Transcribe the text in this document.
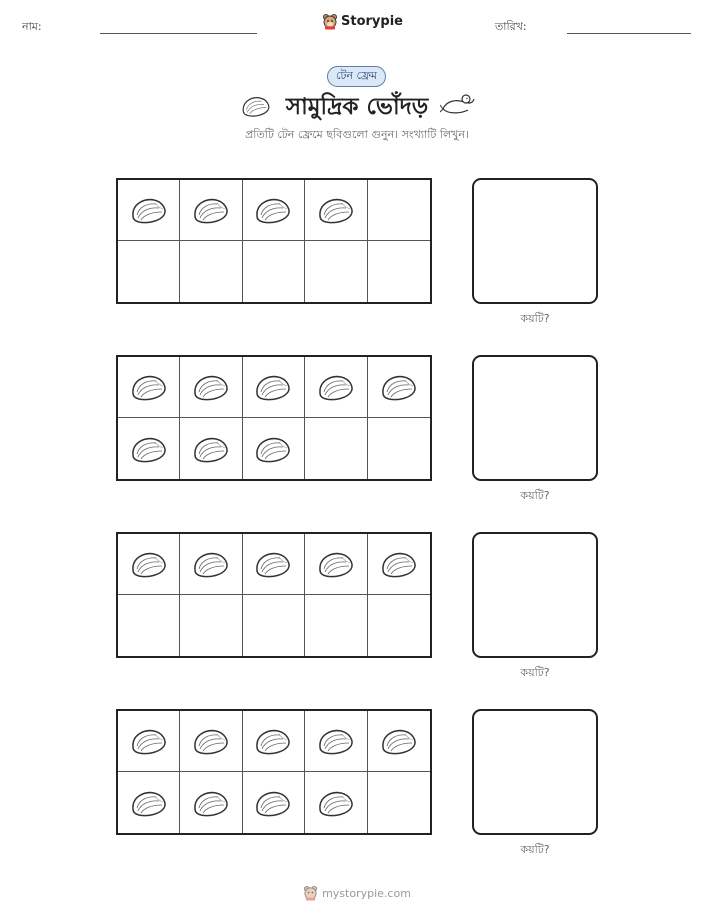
নাম:	Storypie	তারিখ:
টেন ফ্রেম
সামুদ্রিক ভোঁদড়
প্রতিটি টেন ফ্রেমে ছবিগুলো গুনুন। সংখ্যাটি লিখুন।
কয়টি?
কয়টি?
কয়টি?
কয়টি?
mystorypie.com
